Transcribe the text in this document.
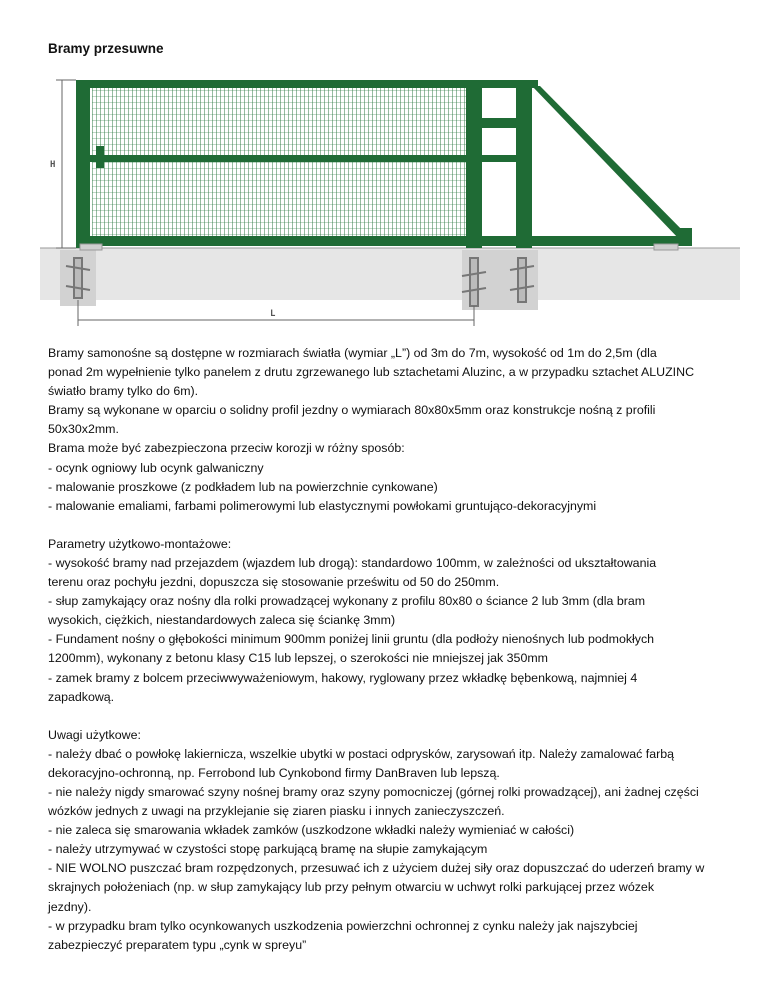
Bramy przesuwne
H
L

Bramy samonośne są dostępne w rozmiarach światła (wymiar „L”) od 3m do 7m, wysokość od 1m do 2,5m (dla

ponad 2m wypełnienie tylko panelem z drutu zgrzewanego lub sztachetami Aluzinc, a w przypadku sztachet ALUZINC

światło bramy tylko do 6m).

Bramy są wykonane w oparciu o solidny profil jezdny o wymiarach 80x80x5mm oraz konstrukcje nośną z profili

50x30x2mm.

Brama może być zabezpieczona przeciw korozji w różny sposób:

- ocynk ogniowy lub ocynk galwaniczny

- malowanie proszkowe (z podkładem lub na powierzchnie cynkowane)

- malowanie emaliami, farbami polimerowymi lub elastycznymi powłokami gruntująco-dekoracyjnymi

Parametry użytkowo-montażowe:

- wysokość bramy nad przejazdem (wjazdem lub drogą): standardowo 100mm, w zależności od ukształtowania

terenu oraz pochyłu jezdni, dopuszcza się stosowanie prześwitu od 50 do 250mm.

- słup zamykający oraz nośny dla rolki prowadzącej wykonany z profilu 80x80 o ściance 2 lub 3mm (dla bram

wysokich, ciężkich, niestandardowych zaleca się ściankę 3mm)

- Fundament nośny o głębokości minimum 900mm poniżej linii gruntu (dla podłoży nienośnych lub podmokłych

1200mm), wykonany z betonu klasy C15 lub lepszej, o szerokości nie mniejszej jak 350mm

- zamek bramy z bolcem przeciwwyważeniowym, hakowy, ryglowany przez wkładkę bębenkową, najmniej 4

zapadkową.

Uwagi użytkowe:

- należy dbać o powłokę lakiernicza, wszelkie ubytki w postaci odprysków, zarysowań itp. Należy zamalować farbą

dekoracyjno-ochronną, np. Ferrobond lub Cynkobond firmy DanBraven lub lepszą.

- nie należy nigdy smarować szyny nośnej bramy oraz szyny pomocniczej (górnej rolki prowadzącej), ani żadnej części

wózków jednych z uwagi na przyklejanie się ziaren piasku i innych zanieczyszczeń.

- nie zaleca się smarowania wkładek zamków (uszkodzone wkładki należy wymieniać w całości)

- należy utrzymywać w czystości stopę parkującą bramę na słupie zamykającym

- NIE WOLNO puszczać bram rozpędzonych, przesuwać ich z użyciem dużej siły oraz dopuszczać do uderzeń bramy w

skrajnych położeniach (np. w słup zamykający lub przy pełnym otwarciu w uchwyt rolki parkującej przez wózek

jezdny).

- w przypadku bram tylko ocynkowanych uszkodzenia powierzchni ochronnej z cynku należy jak najszybciej

zabezpieczyć preparatem typu „cynk w spreyu”
